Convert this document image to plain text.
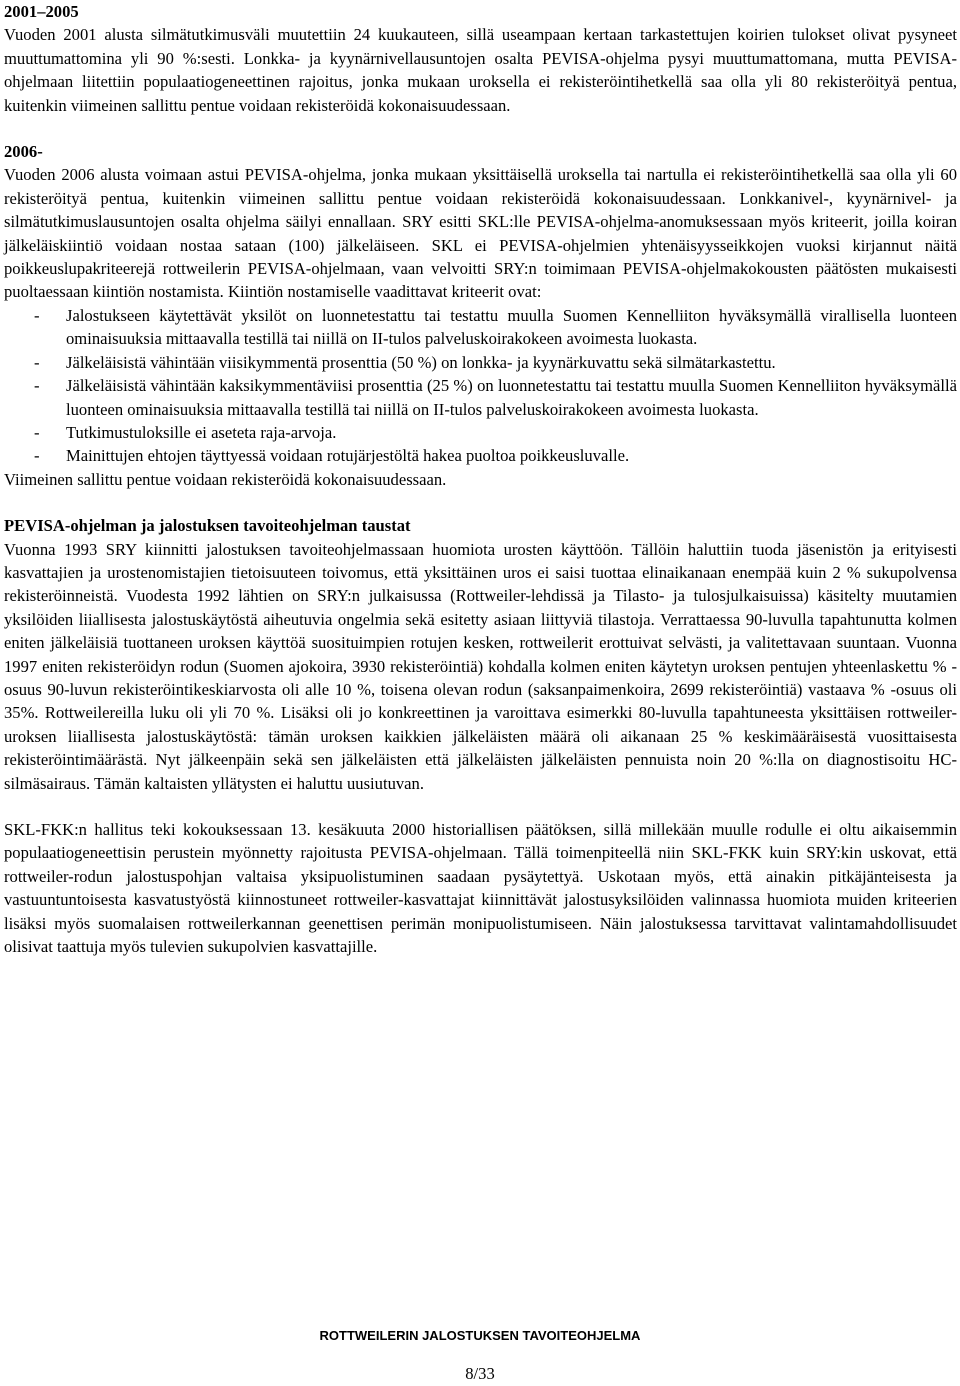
2001–2005

Vuoden 2001 alusta silmätutkimusväli muutettiin 24 kuukauteen, sillä useampaan kertaan tarkastettujen koirien tulokset olivat pysyneet muuttumattomina yli 90 %:sesti. Lonkka- ja kyynärnivellausuntojen osalta PEVISA-ohjelma pysyi muuttumattomana, mutta PEVISA-ohjelmaan liitettiin populaatiogeneettinen rajoitus, jonka mukaan uroksella ei rekisteröintihetkellä saa olla yli 80 rekisteröityä pentua, kuitenkin viimeinen sallittu pentue voidaan rekisteröidä kokonaisuudessaan.

2006-

Vuoden 2006 alusta voimaan astui PEVISA-ohjelma, jonka mukaan yksittäisellä uroksella tai nartulla ei rekisteröintihetkellä saa olla yli 60 rekisteröityä pentua, kuitenkin viimeinen sallittu pentue voidaan rekisteröidä kokonaisuudessaan. Lonkkanivel-, kyynärnivel- ja silmätutkimuslausuntojen osalta ohjelma säilyi ennallaan. SRY esitti SKL:lle PEVISA-ohjelma-anomuksessaan myös kriteerit, joilla koiran jälkeläiskiintiö voidaan nostaa sataan (100) jälkeläiseen. SKL ei PEVISA-ohjelmien yhtenäisyysseikkojen vuoksi kirjannut näitä poikkeuslupakriteerejä rottweilerin PEVISA-ohjelmaan, vaan velvoitti SRY:n toimimaan PEVISA-ohjelmakokousten päätösten mukaisesti puoltaessaan kiintiön nostamista. Kiintiön nostamiselle vaadittavat kriteerit ovat:

- Jalostukseen käytettävät yksilöt on luonnetestattu tai testattu muulla Suomen Kennelliiton hyväksymällä virallisella luonteen ominaisuuksia mittaavalla testillä tai niillä on II-tulos palveluskoirakokeen avoimesta luokasta.
- Jälkeläisistä vähintään viisikymmentä prosenttia (50 %) on lonkka- ja kyynärkuvattu sekä silmätarkastettu.
- Jälkeläisistä vähintään kaksikymmentäviisi prosenttia (25 %) on luonnetestattu tai testattu muulla Suomen Kennelliiton hyväksymällä luonteen ominaisuuksia mittaavalla testillä tai niillä on II-tulos palveluskoirakokeen avoimesta luokasta.
- Tutkimustuloksille ei aseteta raja-arvoja.
- Mainittujen ehtojen täyttyessä voidaan rotujärjestöltä hakea puoltoa poikkeusluvalle.

Viimeinen sallittu pentue voidaan rekisteröidä kokonaisuudessaan.

PEVISA-ohjelman ja jalostuksen tavoiteohjelman taustat

Vuonna 1993 SRY kiinnitti jalostuksen tavoiteohjelmassaan huomiota urosten käyttöön. Tällöin haluttiin tuoda jäsenistön ja erityisesti kasvattajien ja urostenomistajien tietoisuuteen toivomus, että yksittäinen uros ei saisi tuottaa elinaikanaan enempää kuin 2 % sukupolvensa rekisteröinneistä. Vuodesta 1992 lähtien on SRY:n julkaisussa (Rottweiler-lehdissä ja Tilasto- ja tulosjulkaisuissa) käsitelty muutamien yksilöiden liiallisesta jalostuskäytöstä aiheutuvia ongelmia sekä esitetty asiaan liittyviä tilastoja. Verrattaessa 90-luvulla tapahtunutta kolmen eniten jälkeläisiä tuottaneen uroksen käyttöä suosituimpien rotujen kesken, rottweilerit erottuivat selvästi, ja valitettavaan suuntaan. Vuonna 1997 eniten rekisteröidyn rodun (Suomen ajokoira, 3930 rekisteröintiä) kohdalla kolmen eniten käytetyn uroksen pentujen yhteenlaskettu % -osuus 90-luvun rekisteröintikeskiarvosta oli alle 10 %, toisena olevan rodun (saksanpaimenkoira, 2699 rekisteröintiä) vastaava % -osuus oli 35%. Rottweilereilla luku oli yli 70 %. Lisäksi oli jo konkreettinen ja varoittava esimerkki 80-luvulla tapahtuneesta yksittäisen rottweiler-uroksen liiallisesta jalostuskäytöstä: tämän uroksen kaikkien jälkeläisten määrä oli aikanaan 25 % keskimääräisestä vuosittaisesta rekisteröintimäärästä. Nyt jälkeenpäin sekä sen jälkeläisten että jälkeläisten jälkeläisten pennuista noin 20 %:lla on diagnostisoitu HC-silmäsairaus. Tämän kaltaisten yllätysten ei haluttu uusiutuvan.

SKL-FKK:n hallitus teki kokouksessaan 13. kesäkuuta 2000 historiallisen päätöksen, sillä millekään muulle rodulle ei oltu aikaisemmin populaatiogeneettisin perustein myönnetty rajoitusta PEVISA-ohjelmaan. Tällä toimenpiteellä niin SKL-FKK kuin SRY:kin uskovat, että rottweiler-rodun jalostuspohjan valtaisa yksipuolistuminen saadaan pysäytettyä. Uskotaan myös, että ainakin pitkäjänteisesta ja vastuuntuntoisesta kasvatustyöstä kiinnostuneet rottweiler-kasvattajat kiinnittävät jalostusyksilöiden valinnassa huomiota muiden kriteerien lisäksi myös suomalaisen rottweilerkannan geenettisen perimän monipuolistumiseen. Näin jalostuksessa tarvittavat valintamahdollisuudet olisivat taattuja myös tulevien sukupolvien kasvattajille.

ROTTWEILERIN JALOSTUKSEN TAVOITEOHJELMA
8/33
